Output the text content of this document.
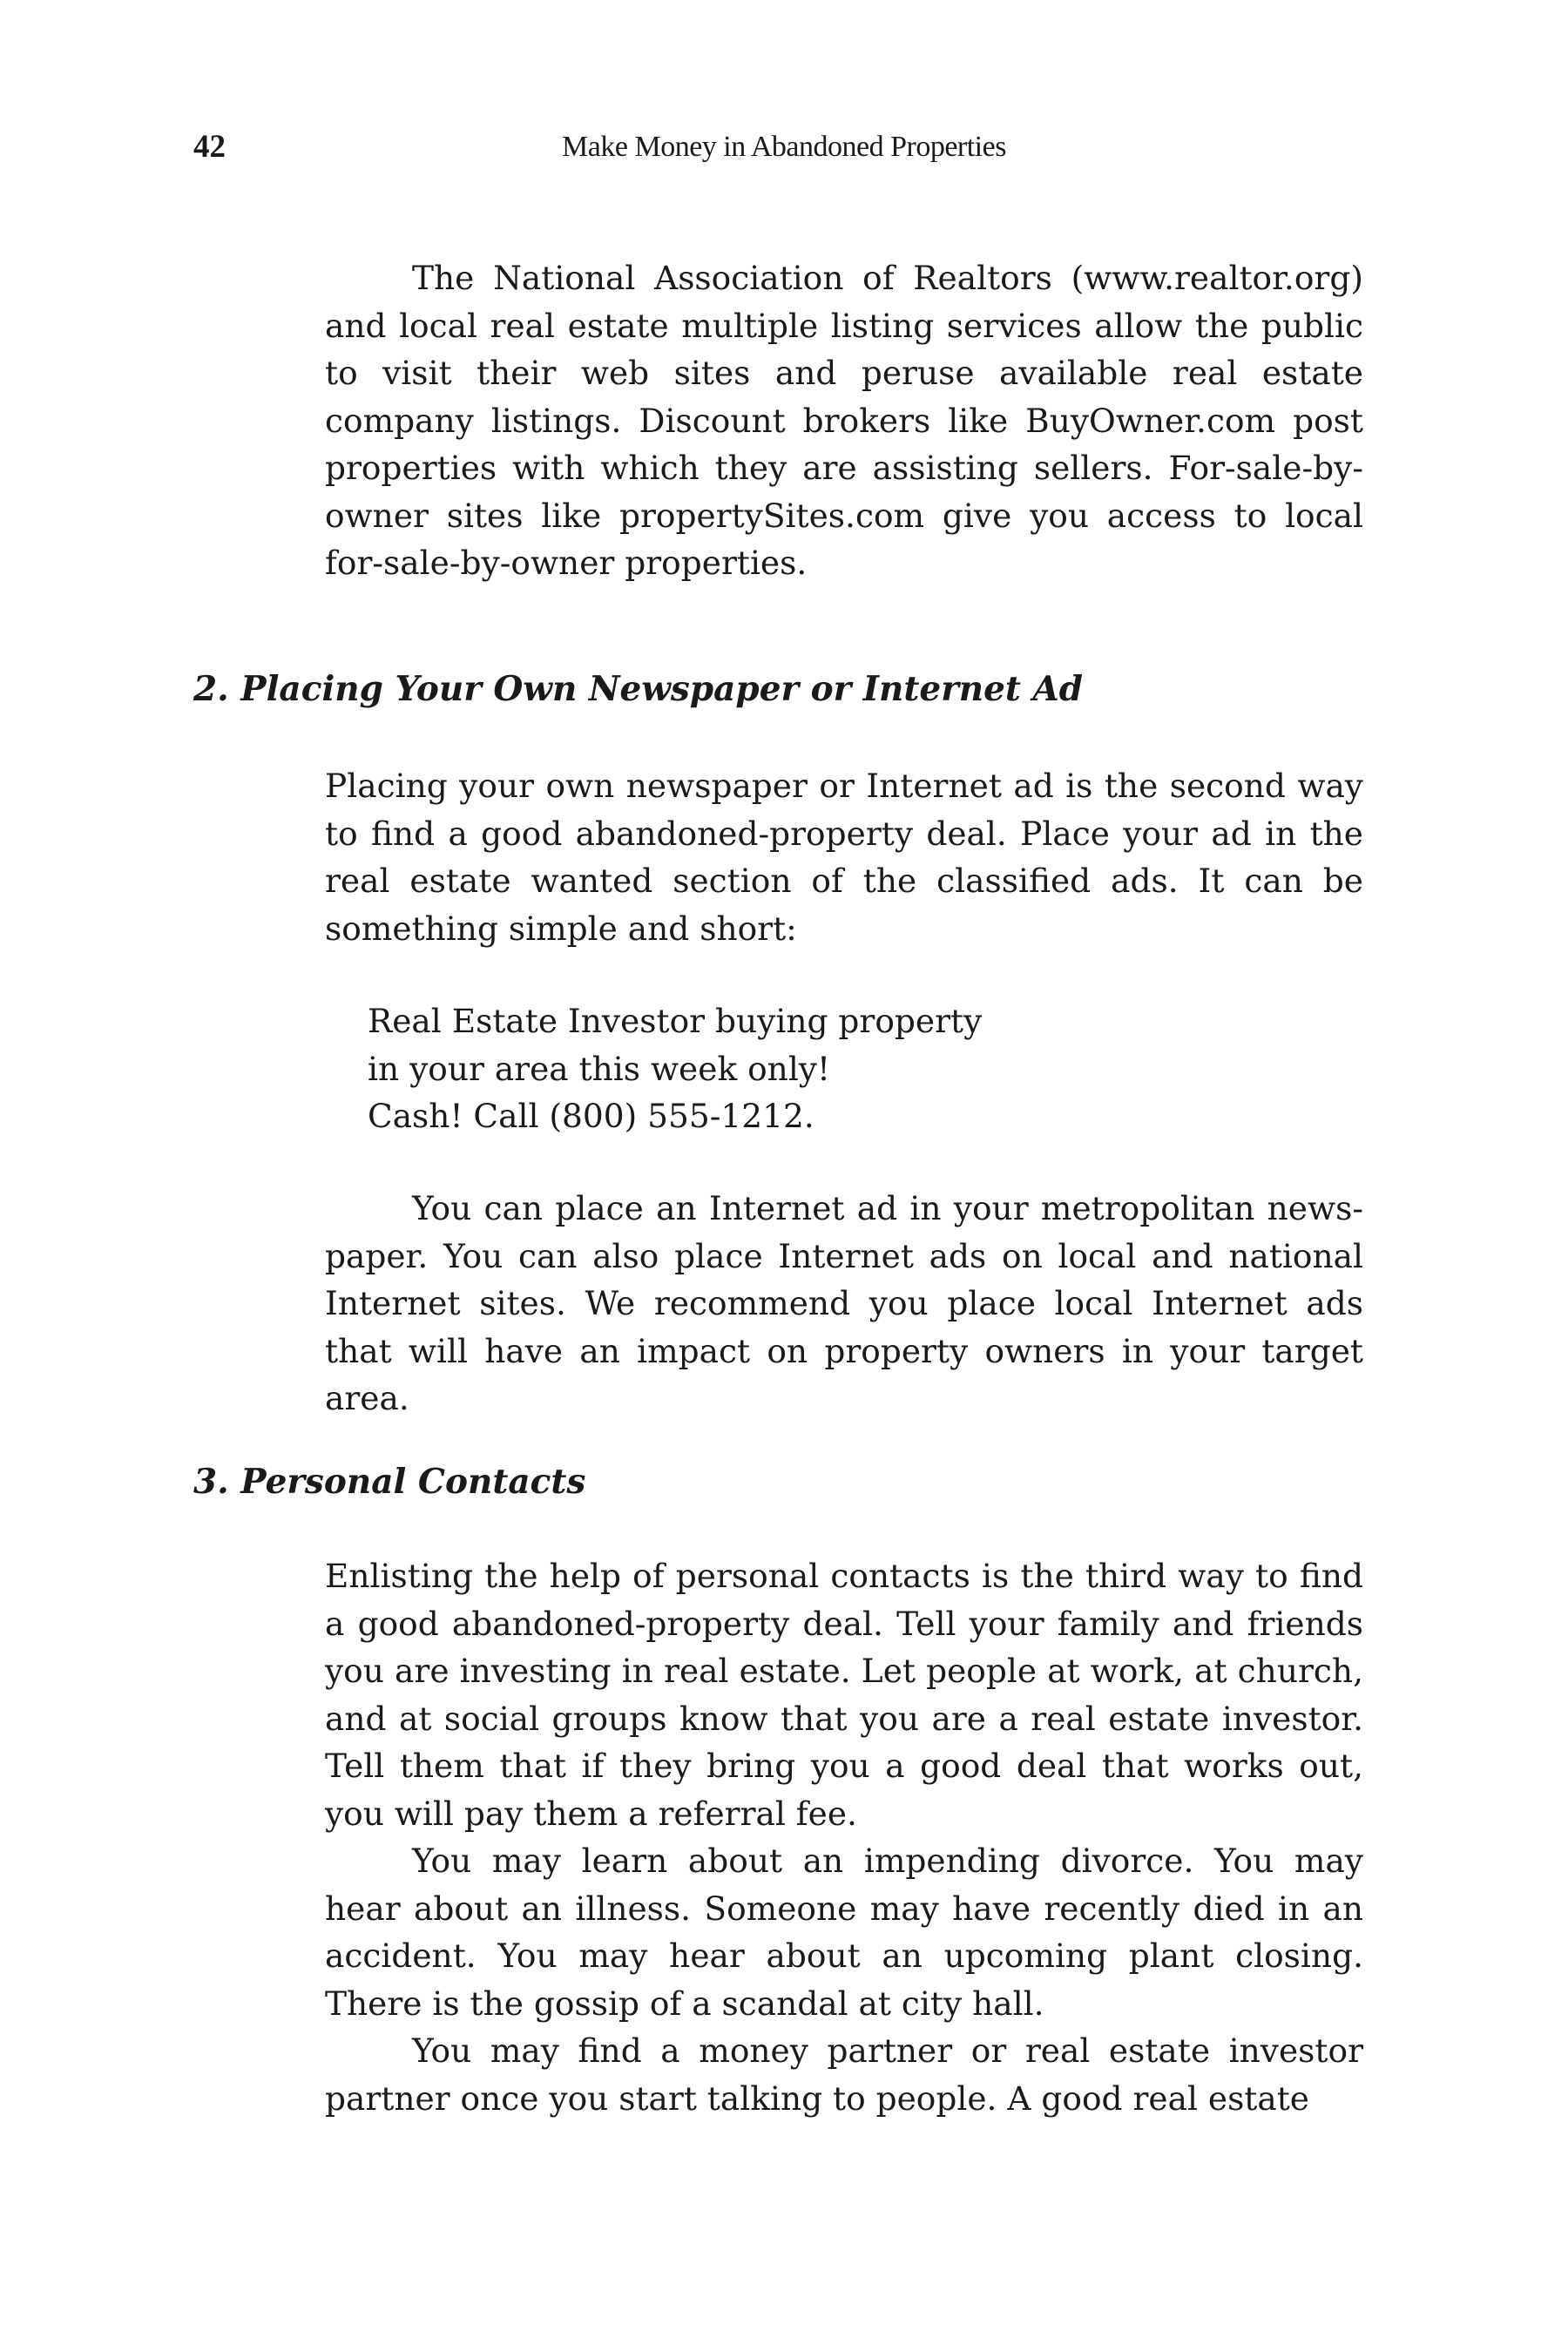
42	Make Money in Abandoned Properties

The National Association of Realtors (www.realtor.org) and local real estate multiple listing services allow the public to visit their web sites and peruse available real estate company listings. Discount brokers like BuyOwner.com post properties with which they are assisting sellers. For-sale-by-owner sites like propertySites.com give you access to local for-sale-by-owner properties.

2. Placing Your Own Newspaper or Internet Ad

Placing your own newspaper or Internet ad is the second way to find a good abandoned-property deal. Place your ad in the real estate wanted section of the classified ads. It can be something simple and short:

Real Estate Investor buying property
in your area this week only!
Cash! Call (800) 555-1212.

You can place an Internet ad in your metropolitan newspaper. You can also place Internet ads on local and national Internet sites. We recommend you place local Internet ads that will have an impact on property owners in your target area.

3. Personal Contacts

Enlisting the help of personal contacts is the third way to find a good abandoned-property deal. Tell your family and friends you are investing in real estate. Let people at work, at church, and at social groups know that you are a real estate investor. Tell them that if they bring you a good deal that works out, you will pay them a referral fee.

You may learn about an impending divorce. You may hear about an illness. Someone may have recently died in an accident. You may hear about an upcoming plant closing. There is the gossip of a scandal at city hall.

You may find a money partner or real estate investor partner once you start talking to people. A good real estate
